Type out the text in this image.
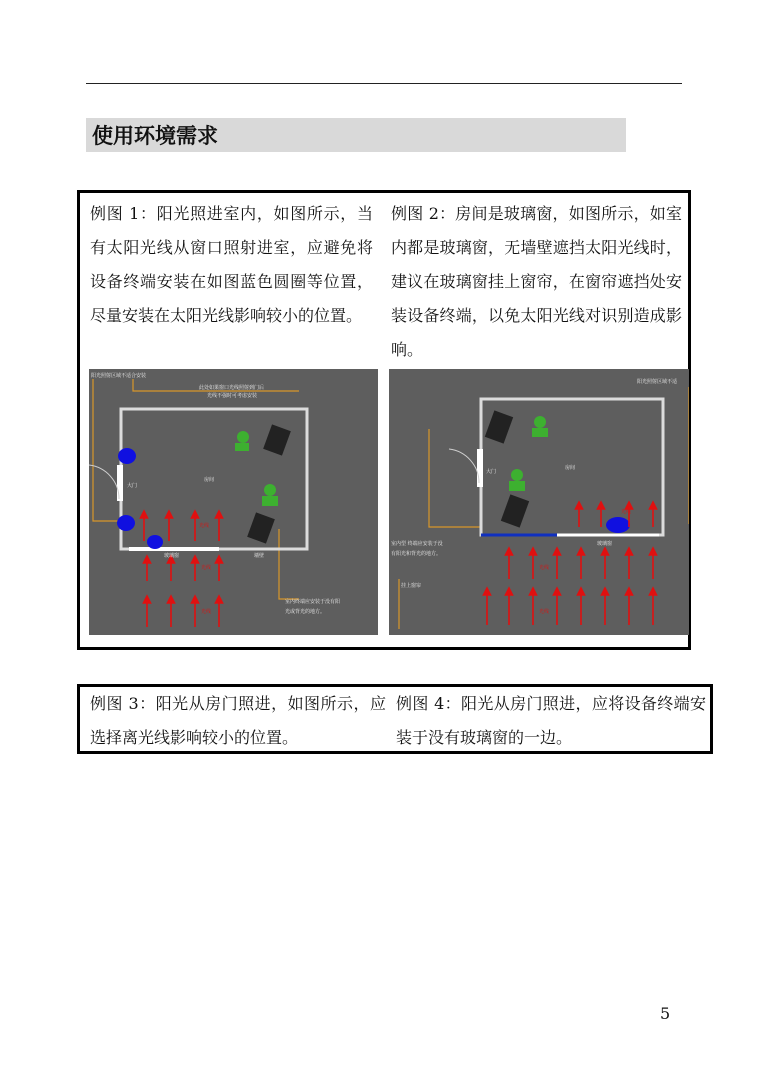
使用环境需求
例图 1：阳光照进室内，如图所示，当有太阳光线从窗口照射进室，应避免将设备终端安装在如图蓝色圆圈等位置，尽量安装在太阳光线影响较小的位置。
例图 2：房间是玻璃窗，如图所示，如室内都是玻璃窗，无墙壁遮挡太阳光线时，建议在玻璃窗挂上窗帘，在窗帘遮挡处安装设备终端，以免太阳光线对识别造成影响。
阳光照射区域不适合安装
此处如果窗口光线照射到门后
光线不强时可考虑安装
大门
房间
玻璃窗	墙壁
室内终端应安装于没有阳
光或背光的地方。
光线
光线
光线
阳光照射区域不适
大门
房间
玻璃窗
室内型 终端应安装于没
有阳光和背光的地方。
挂上窗帘
光线
光线
光线
例图 3：阳光从房门照进，如图所示，应选择离光线影响较小的位置。
例图 4：阳光从房门照进，应将设备终端安装于没有玻璃窗的一边。
5
